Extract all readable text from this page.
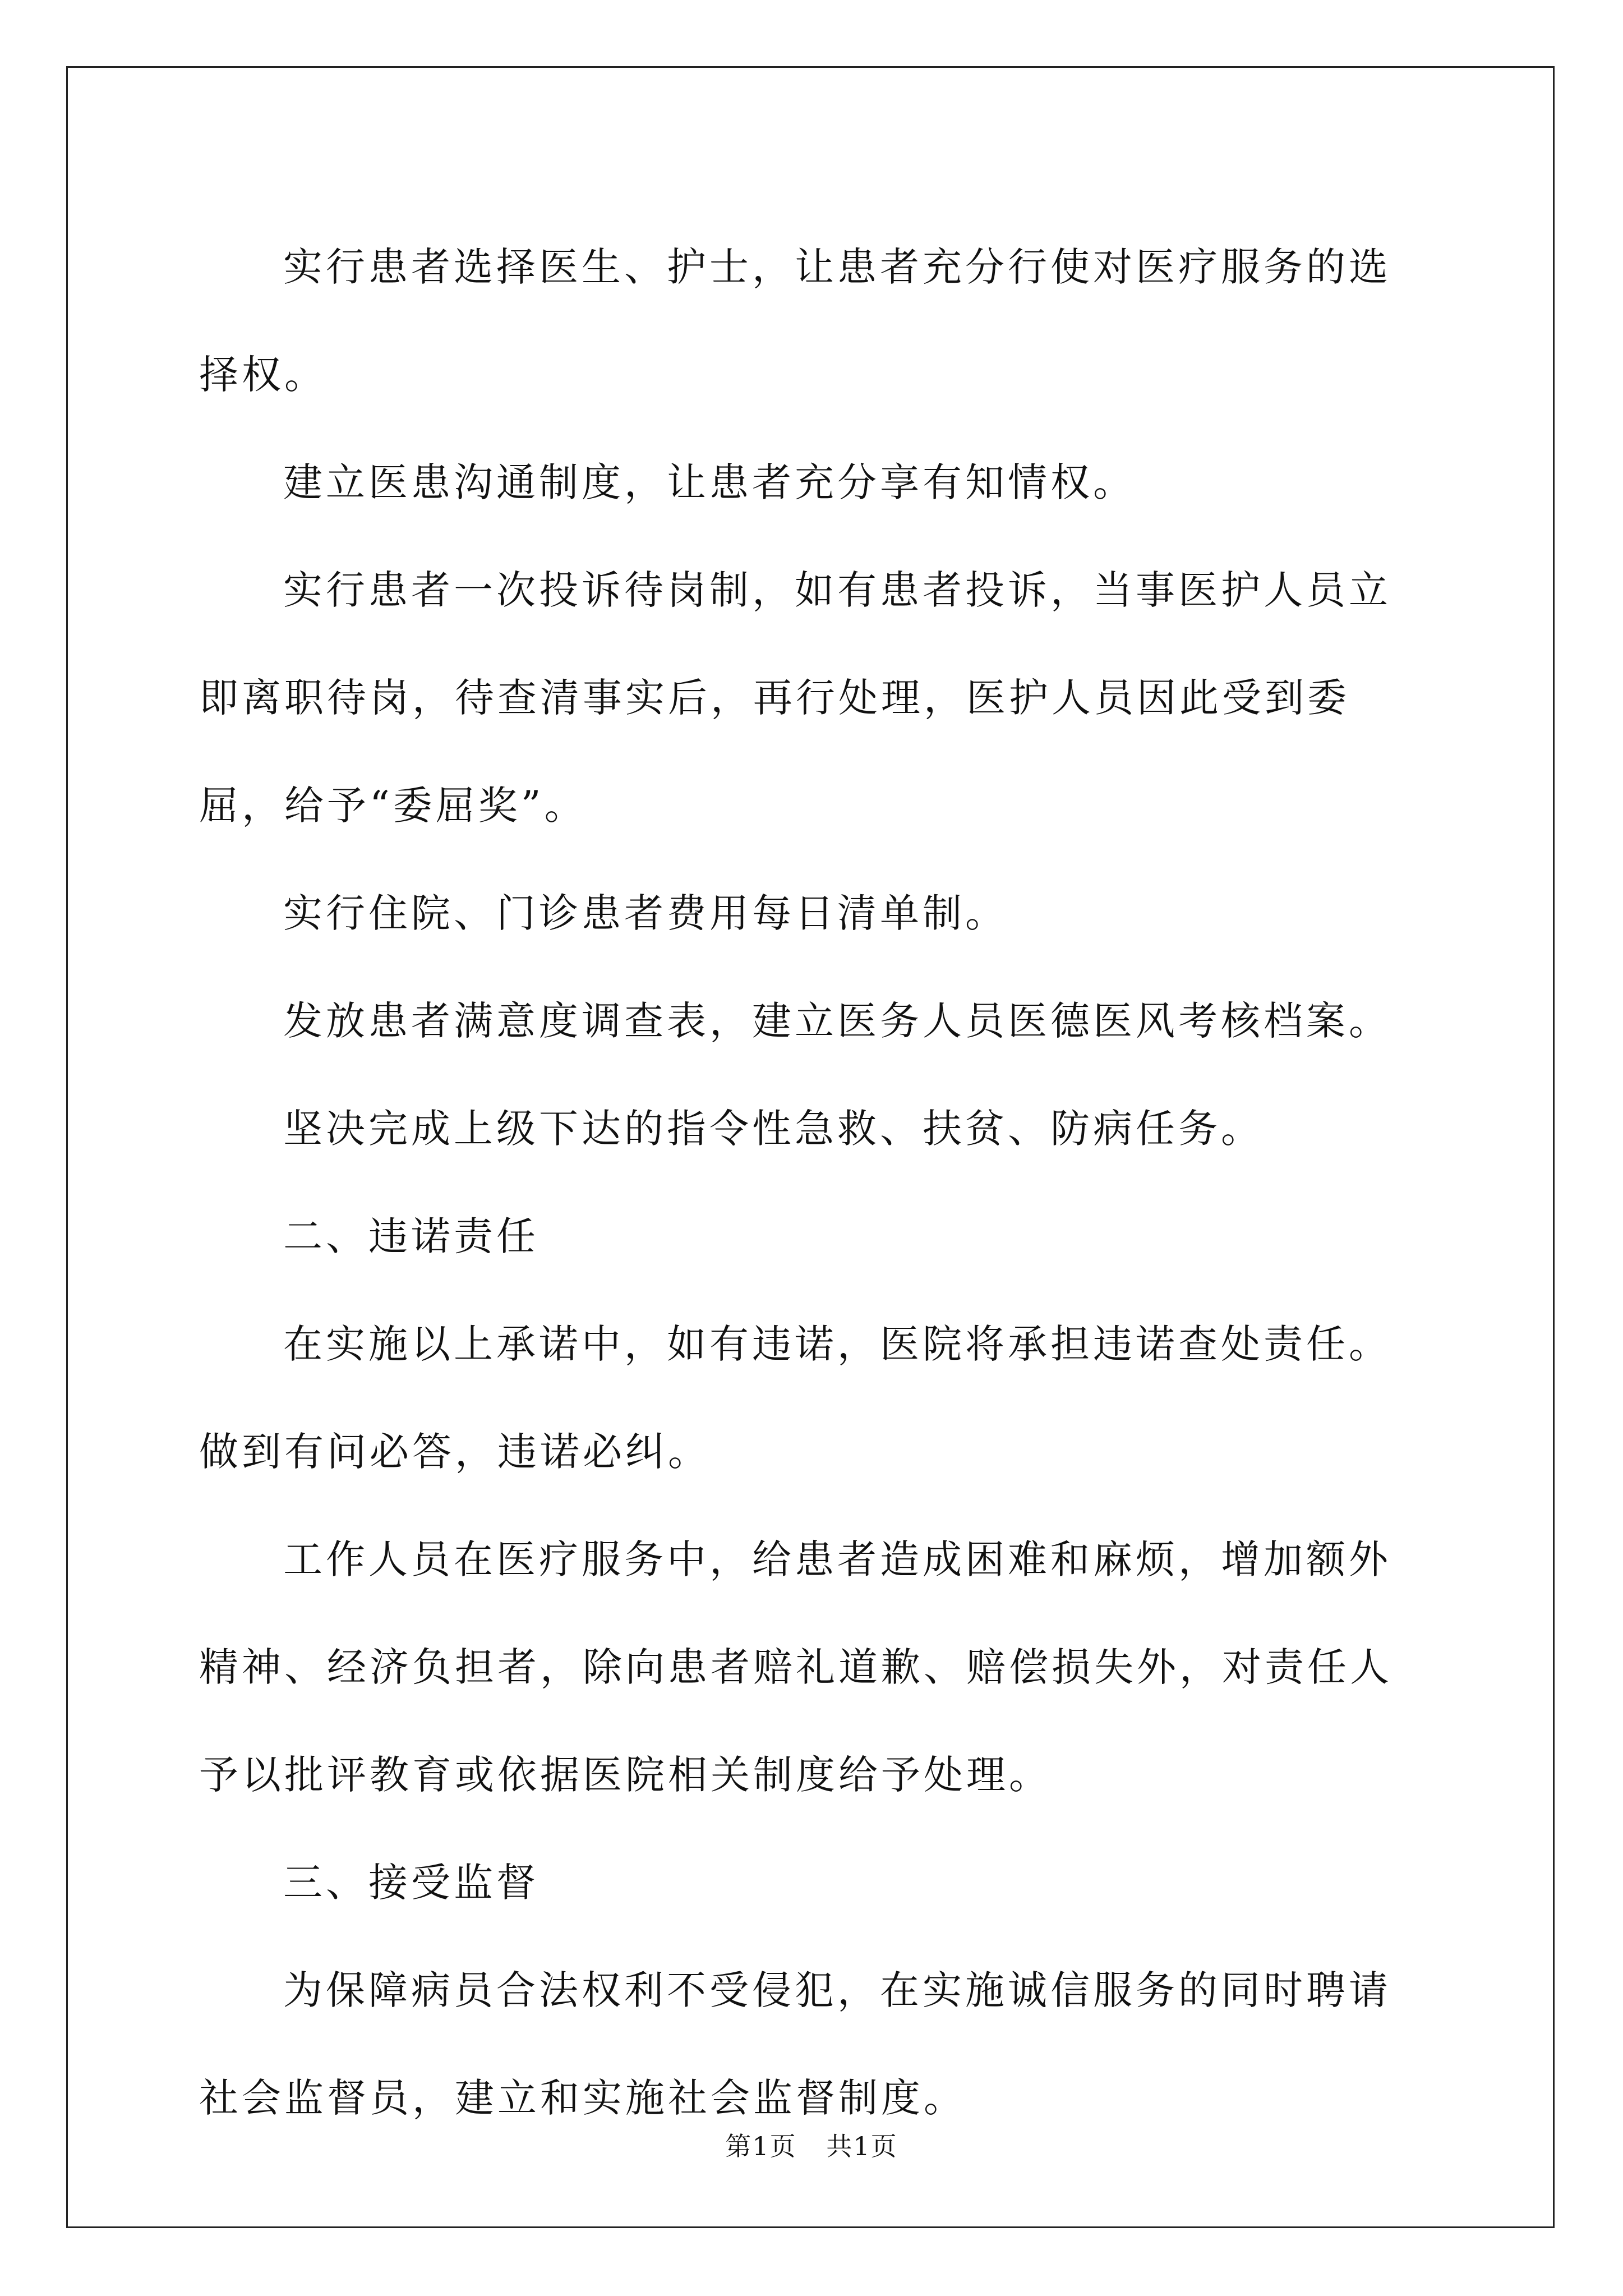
实行患者选择医生、护士，让患者充分行使对医疗服务的选择权。

建立医患沟通制度，让患者充分享有知情权。

实行患者一次投诉待岗制，如有患者投诉，当事医护人员立即离职待岗，待查清事实后，再行处理，医护人员因此受到委屈，给予“委屈奖”。

实行住院、门诊患者费用每日清单制。

发放患者满意度调查表，建立医务人员医德医风考核档案。

坚决完成上级下达的指令性急救、扶贫、防病任务。

二、违诺责任

在实施以上承诺中，如有违诺，医院将承担违诺查处责任。做到有问必答，违诺必纠。

工作人员在医疗服务中，给患者造成困难和麻烦，增加额外精神、经济负担者，除向患者赔礼道歉、赔偿损失外，对责任人予以批评教育或依据医院相关制度给予处理。

三、接受监督

为保障病员合法权利不受侵犯，在实施诚信服务的同时聘请社会监督员，建立和实施社会监督制度。

第1页 共1页
